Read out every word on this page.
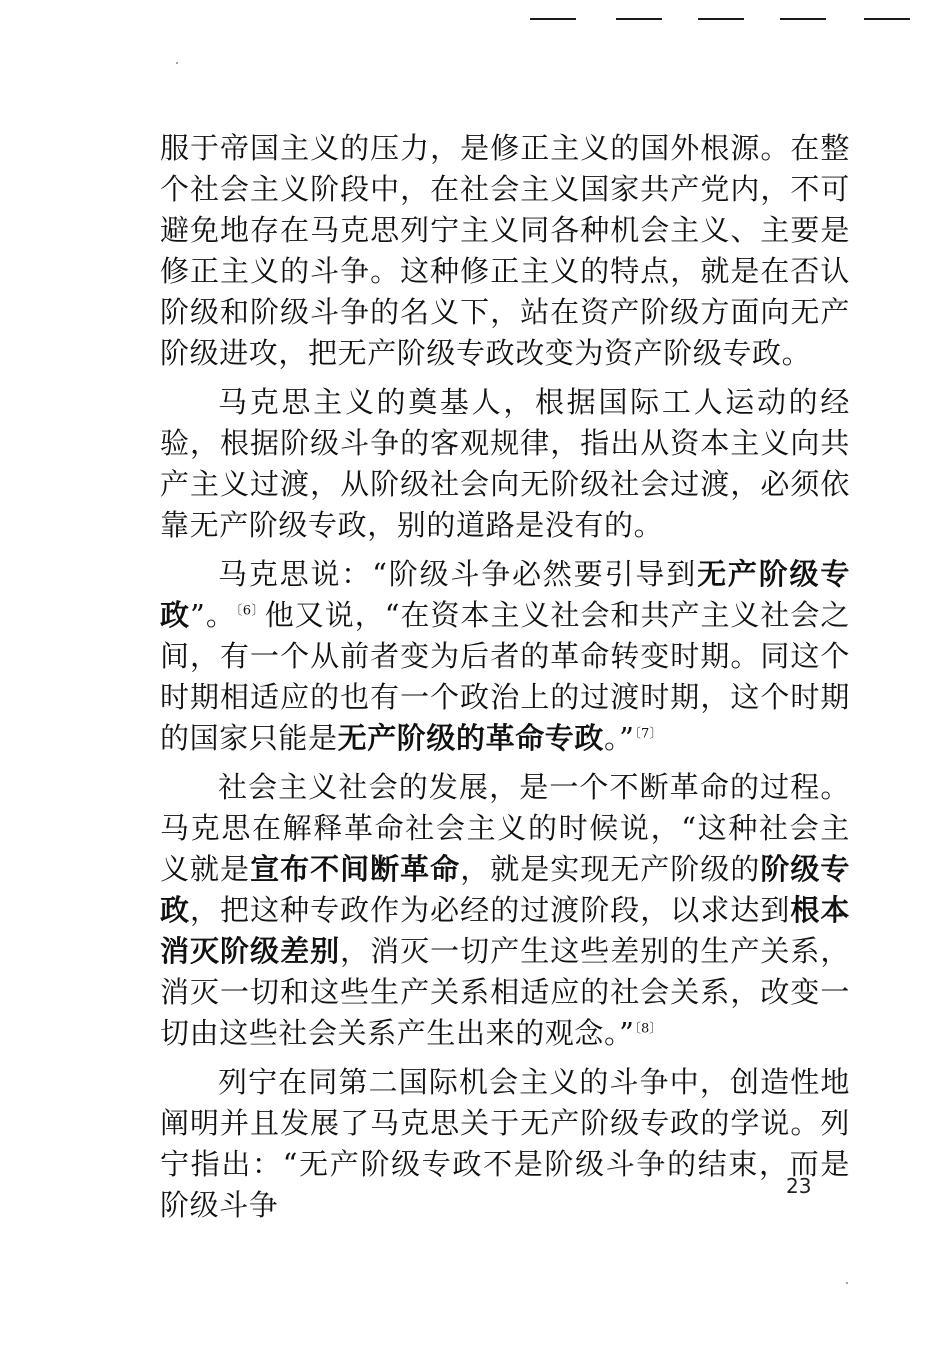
服于帝国主义的压力，是修正主义的国外根源。在整个社会主义阶段中，在社会主义国家共产党内，不可避免地存在马克思列宁主义同各种机会主义、主要是修正主义的斗争。这种修正主义的特点，就是在否认阶级和阶级斗争的名义下，站在资产阶级方面向无产阶级进攻，把无产阶级专政改变为资产阶级专政。

马克思主义的奠基人，根据国际工人运动的经验，根据阶级斗争的客观规律，指出从资本主义向共产主义过渡，从阶级社会向无阶级社会过渡，必须依靠无产阶级专政，别的道路是没有的。

马克思说：“阶级斗争必然要引导到无产阶级专政”。$^{〔6〕}$他又说，“在资本主义社会和共产主义社会之间，有一个从前者变为后者的革命转变时期。同这个时期相适应的也有一个政治上的过渡时期，这个时期的国家只能是无产阶级的革命专政。”$^{〔7〕}$

社会主义社会的发展，是一个不断革命的过程。马克思在解释革命社会主义的时候说，“这种社会主义就是宣布不间断革命，就是实现无产阶级的阶级专政，把这种专政作为必经的过渡阶段，以求达到根本消灭阶级差别，消灭一切产生这些差别的生产关系，消灭一切和这些生产关系相适应的社会关系，改变一切由这些社会关系产生出来的观念。”$^{〔8〕}$

列宁在同第二国际机会主义的斗争中，创造性地阐明并且发展了马克思关于无产阶级专政的学说。列宁指出：“无产阶级专政不是阶级斗争的结束，而是阶级斗争

23
